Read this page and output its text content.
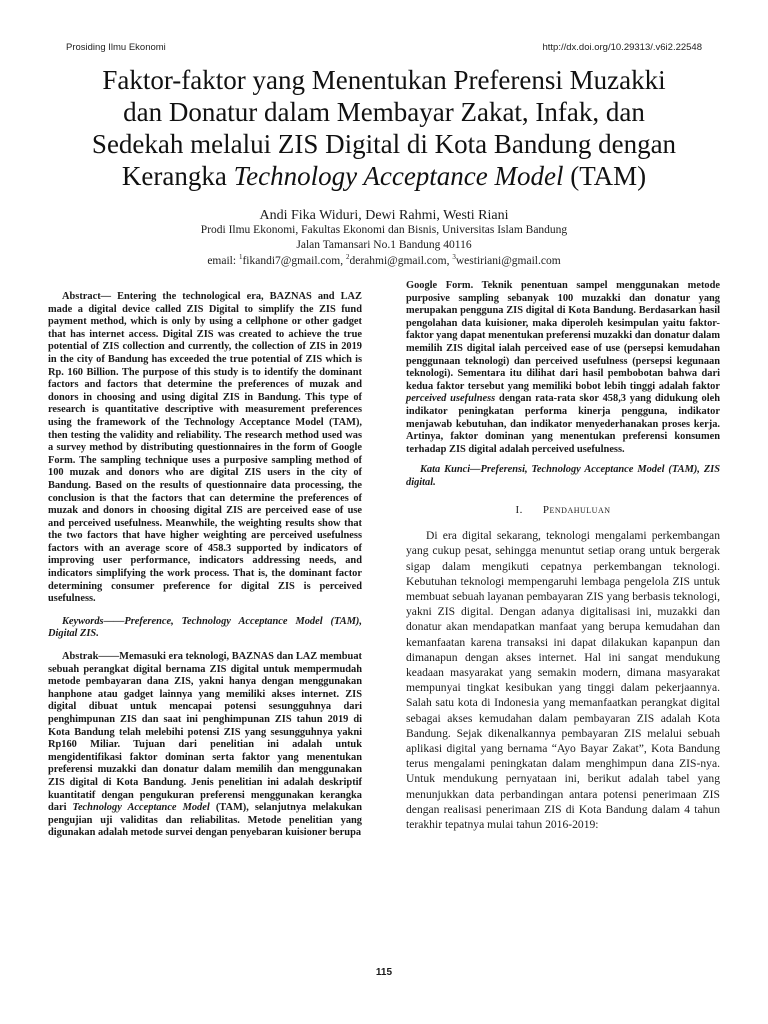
Prosiding Ilmu Ekonomi	http://dx.doi.org/10.29313/.v6i2.22548
Faktor-faktor yang Menentukan Preferensi Muzakki
dan Donatur dalam Membayar Zakat, Infak, dan
Sedekah melalui ZIS Digital di Kota Bandung dengan
Kerangka Technology Acceptance Model (TAM)
Andi Fika Widuri, Dewi Rahmi, Westi Riani
Prodi Ilmu Ekonomi, Fakultas Ekonomi dan Bisnis, Universitas Islam Bandung
Jalan Tamansari No.1 Bandung 40116
email: $^1$fikandi7@gmail.com, $^2$derahmi@gmail.com, $^3$westiriani@gmail.com

Abstract— Entering the technological era, BAZNAS and LAZ made a digital device called ZIS Digital to simplify the ZIS fund payment method, which is only by using a cellphone or other gadget that has internet access. Digital ZIS was created to achieve the true potential of ZIS collection and currently, the collection of ZIS in 2019 in the city of Bandung has exceeded the true potential of ZIS which is Rp. 160 Billion. The purpose of this study is to identify the dominant factors and factors that determine the preferences of muzak and donors in choosing and using digital ZIS in Bandung. This type of research is quantitative descriptive with measurement preferences using the framework of the Technology Acceptance Model (TAM), then testing the validity and reliability. The research method used was a survey method by distributing questionnaires in the form of Google Form. The sampling technique uses a purposive sampling method of 100 muzak and donors who are digital ZIS users in the city of Bandung. Based on the results of questionnaire data processing, the conclusion is that the factors that can determine the preferences of muzak and donors in choosing digital ZIS are perceived ease of use and perceived usefulness. Meanwhile, the weighting results show that the two factors that have higher weighting are perceived usefulness factors with an average score of 458.3 supported by indicators of improving user performance, indicators addressing needs, and indicators simplifying the work process. That is, the dominant factor determining consumer preference for digital ZIS is perceived usefulness.

Keywords——Preference, Technology Acceptance Model (TAM), Digital ZIS.

Abstrak——Memasuki era teknologi, BAZNAS dan LAZ membuat sebuah perangkat digital bernama ZIS digital untuk mempermudah metode pembayaran dana ZIS, yakni hanya dengan menggunakan hanphone atau gadget lainnya yang memiliki akses internet. ZIS digital dibuat untuk mencapai potensi sesungguhnya dari penghimpunan ZIS dan saat ini penghimpunan ZIS tahun 2019 di Kota Bandung telah melebihi potensi ZIS yang sesungguhnya yakni Rp160 Miliar. Tujuan dari penelitian ini adalah untuk mengidentifikasi faktor dominan serta faktor yang menentukan preferensi muzakki dan donatur dalam memilih dan menggunakan ZIS digital di Kota Bandung. Jenis penelitian ini adalah deskriptif kuantitatif dengan pengukuran preferensi menggunakan kerangka dari Technology Acceptance Model (TAM), selanjutnya melakukan pengujian uji validitas dan reliabilitas. Metode penelitian yang digunakan adalah metode survei dengan penyebaran kuisioner berupa

Google Form. Teknik penentuan sampel menggunakan metode purposive sampling sebanyak 100 muzakki dan donatur yang merupakan pengguna ZIS digital di Kota Bandung. Berdasarkan hasil pengolahan data kuisioner, maka diperoleh kesimpulan yaitu faktor-faktor yang dapat menentukan preferensi muzakki dan donatur dalam memilih ZIS digital ialah perceived ease of use (persepsi kemudahan penggunaan teknologi) dan perceived usefulness (persepsi kegunaan teknologi). Sementara itu dilihat dari hasil pembobotan bahwa dari kedua faktor tersebut yang memiliki bobot lebih tinggi adalah faktor perceived usefulness dengan rata-rata skor 458,3 yang didukung oleh indikator peningkatan performa kinerja pengguna, indikator menjawab kebutuhan, dan indikator menyederhanakan proses kerja. Artinya, faktor dominan yang menentukan preferensi konsumen terhadap ZIS digital adalah perceived usefulness.

Kata Kunci—Preferensi, Technology Acceptance Model (TAM), ZIS digital.

I. Pendahuluan

Di era digital sekarang, teknologi mengalami perkembangan yang cukup pesat, sehingga menuntut setiap orang untuk bergerak sigap dalam mengikuti cepatnya perkembangan teknologi. Kebutuhan teknologi mempengaruhi lembaga pengelola ZIS untuk membuat sebuah layanan pembayaran ZIS yang berbasis teknologi, yakni ZIS digital. Dengan adanya digitalisasi ini, muzakki dan donatur akan mendapatkan manfaat yang berupa kemudahan dan kemanfaatan karena transaksi ini dapat dilakukan kapanpun dan dimanapun dengan akses internet. Hal ini sangat mendukung keadaan masyarakat yang semakin modern, dimana masyarakat mempunyai tingkat kesibukan yang tinggi dalam pekerjaannya. Salah satu kota di Indonesia yang memanfaatkan perangkat digital sebagai akses kemudahan dalam pembayaran ZIS adalah Kota Bandung. Sejak dikenalkannya pembayaran ZIS melalui sebuah aplikasi digital yang bernama “Ayo Bayar Zakat”, Kota Bandung terus mengalami peningkatan dalam menghimpun dana ZIS-nya. Untuk mendukung pernyataan ini, berikut adalah tabel yang menunjukkan data perbandingan antara potensi penerimaan ZIS dengan realisasi penerimaan ZIS di Kota Bandung dalam 4 tahun terakhir tepatnya mulai tahun 2016-2019:

115
